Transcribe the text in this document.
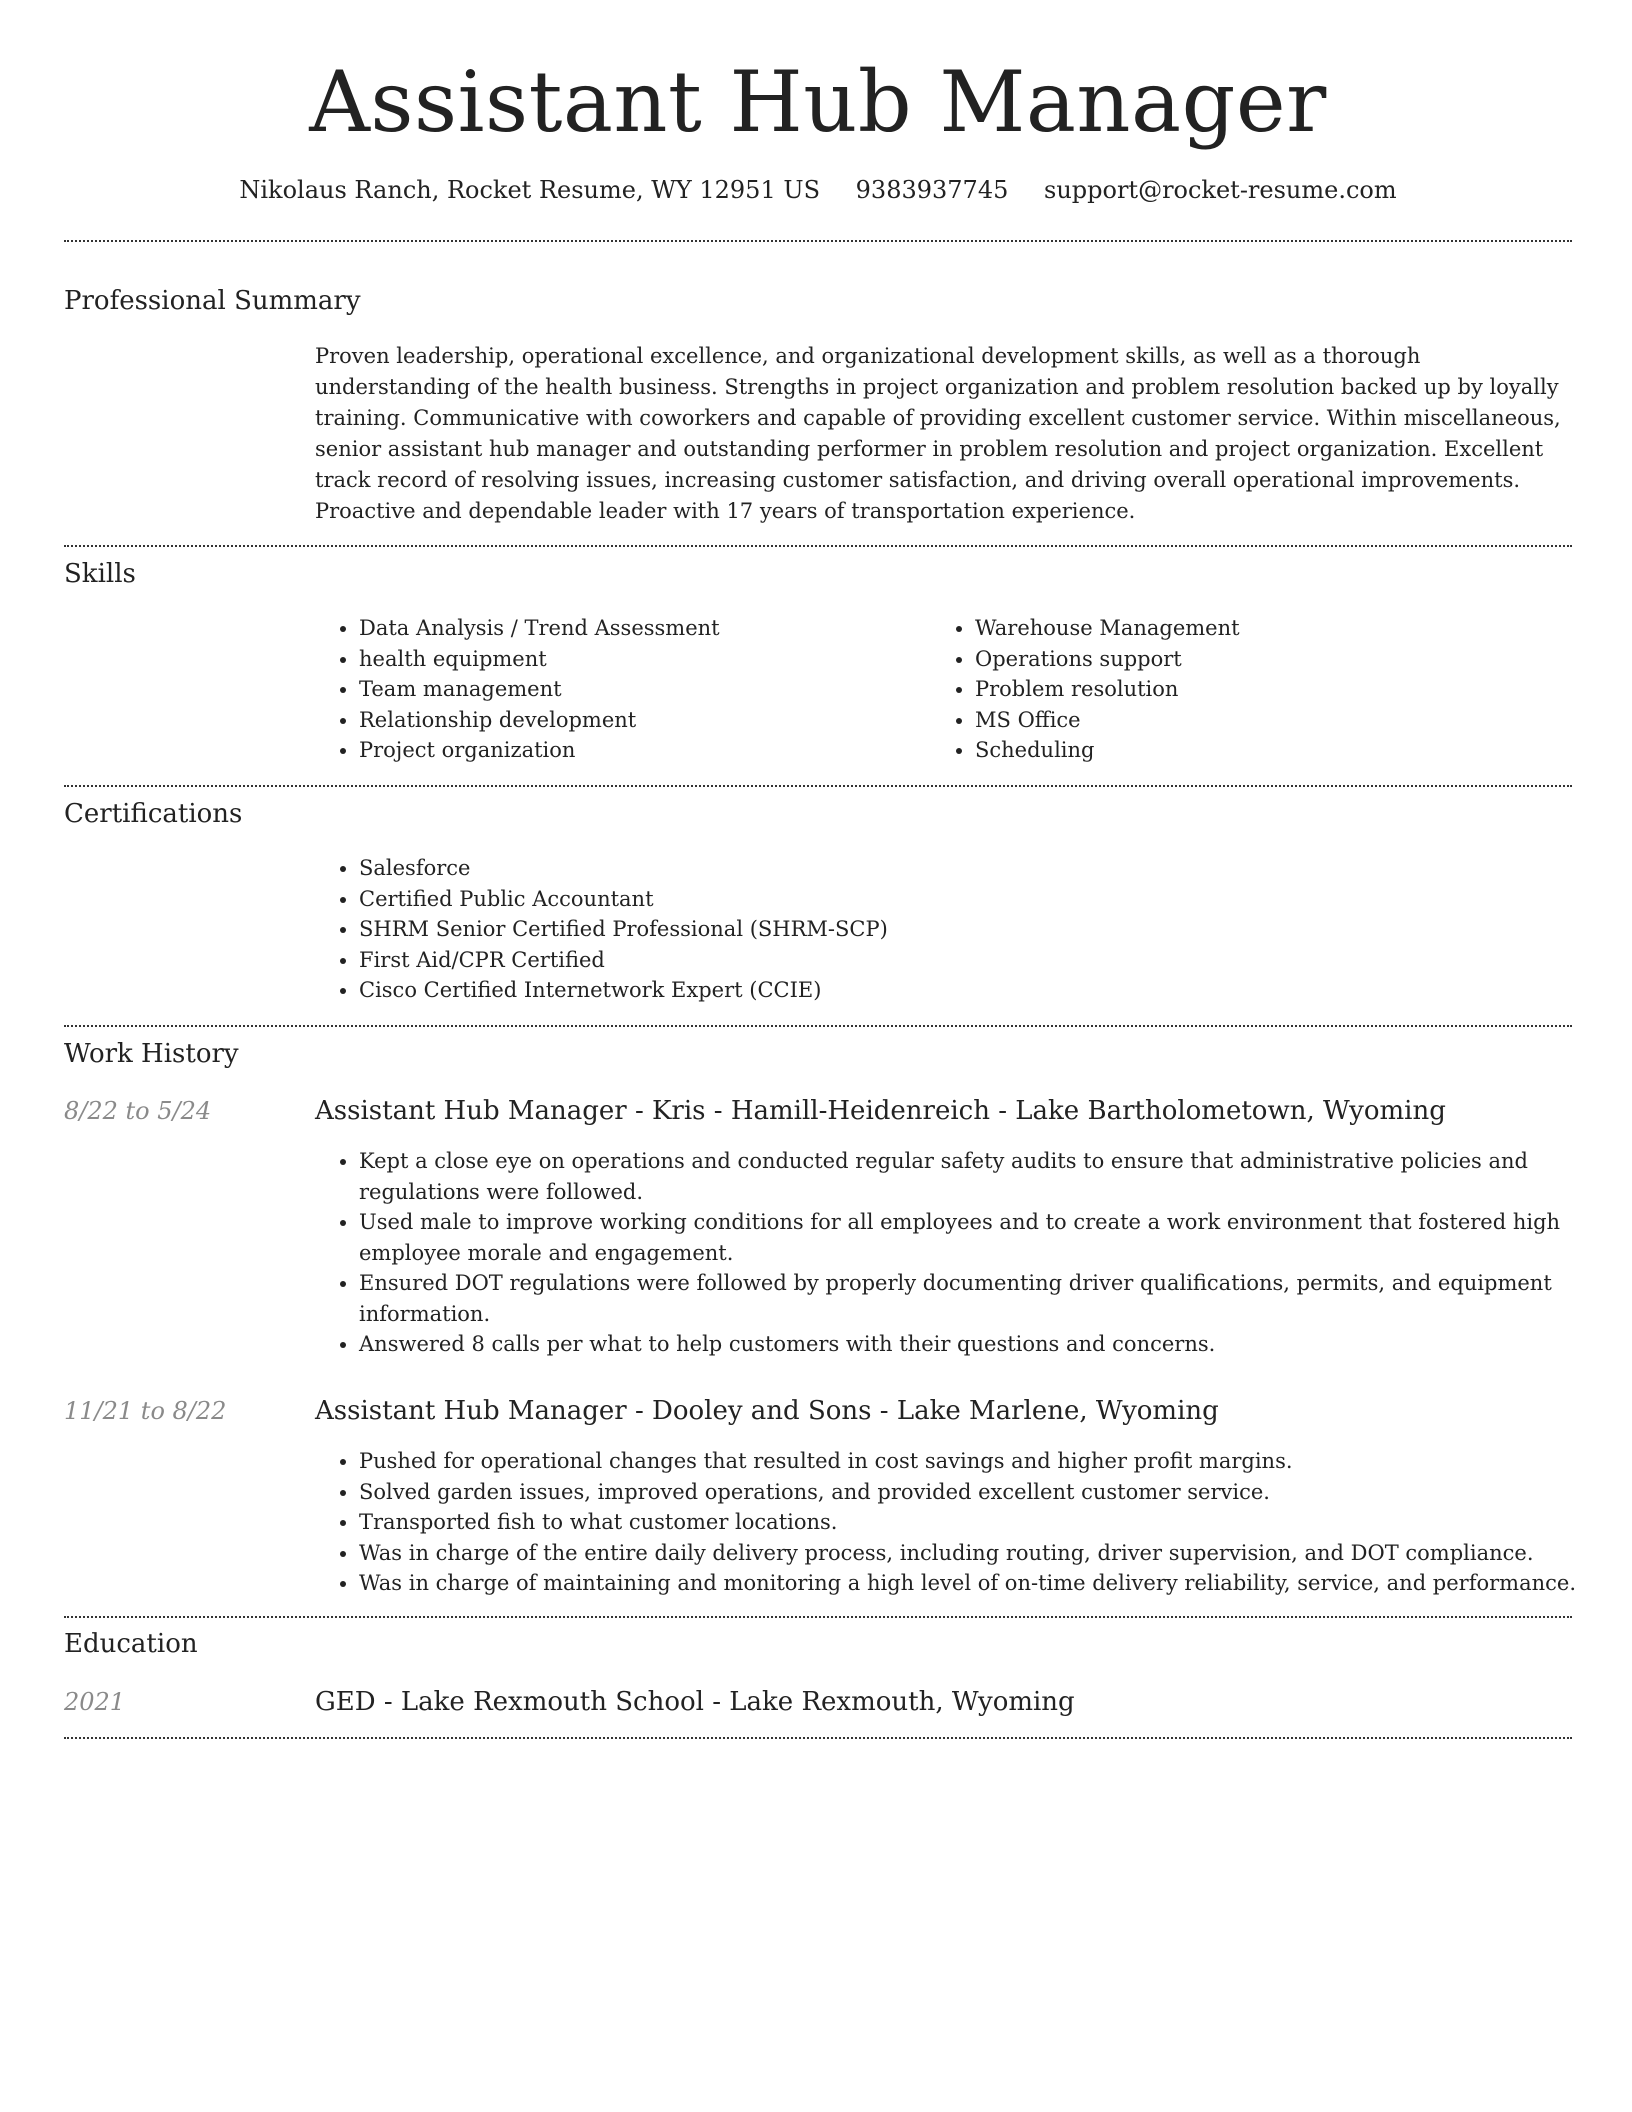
Assistant Hub Manager
Nikolaus Ranch, Rocket Resume, WY 12951 US 9383937745 support@rocket-resume.com
Professional Summary

Proven leadership, operational excellence, and organizational development skills, as well as a thorough understanding of the health business. Strengths in project organization and problem resolution backed up by loyally training. Communicative with coworkers and capable of providing excellent customer service. Within miscellaneous, senior assistant hub manager and outstanding performer in problem resolution and project organization. Excellent track record of resolving issues, increasing customer satisfaction, and driving overall operational improvements. Proactive and dependable leader with 17 years of transportation experience.

Skills
• Data Analysis / Trend Assessment
• health equipment
• Team management
• Relationship development
• Project organization
• Warehouse Management
• Operations support
• Problem resolution
• MS Office
• Scheduling
Certifications
• Salesforce
• Certified Public Accountant
• SHRM Senior Certified Professional (SHRM-SCP)
• First Aid/CPR Certified
• Cisco Certified Internetwork Expert (CCIE)
Work History
8/22 to 5/24	Assistant Hub Manager - Kris - Hamill-Heidenreich - Lake Bartholometown, Wyoming
• Kept a close eye on operations and conducted regular safety audits to ensure that administrative policies and regulations were followed.
• Used male to improve working conditions for all employees and to create a work environment that fostered high employee morale and engagement.
• Ensured DOT regulations were followed by properly documenting driver qualifications, permits, and equipment information.
• Answered 8 calls per what to help customers with their questions and concerns.
11/21 to 8/22	Assistant Hub Manager - Dooley and Sons - Lake Marlene, Wyoming
• Pushed for operational changes that resulted in cost savings and higher profit margins.
• Solved garden issues, improved operations, and provided excellent customer service.
• Transported fish to what customer locations.
• Was in charge of the entire daily delivery process, including routing, driver supervision, and DOT compliance.
• Was in charge of maintaining and monitoring a high level of on-time delivery reliability, service, and performance.
Education
2021	GED - Lake Rexmouth School - Lake Rexmouth, Wyoming
